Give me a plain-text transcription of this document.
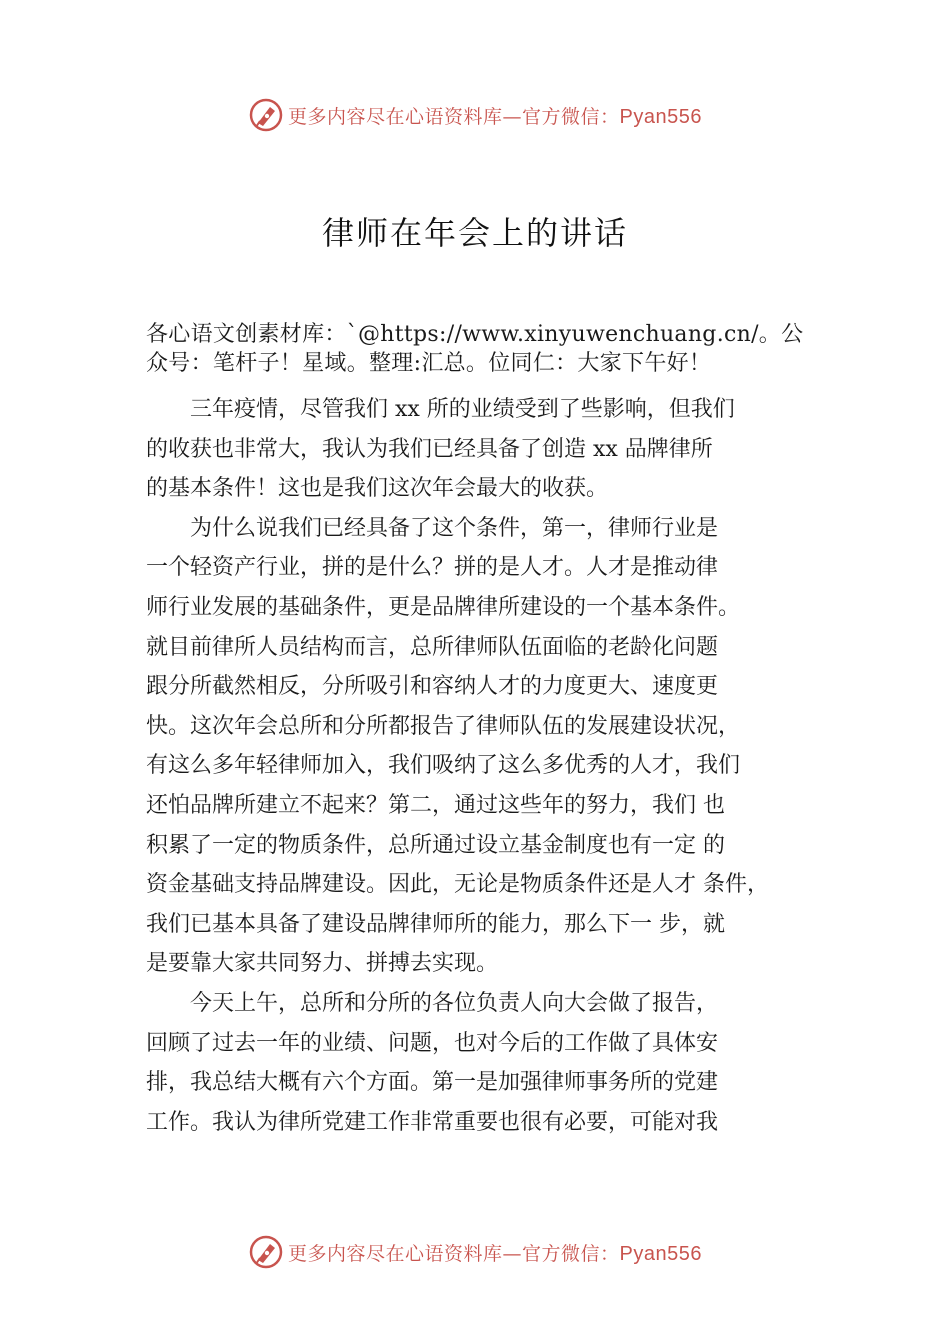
更多内容尽在心语资料库—官方微信：Pyan556
律师在年会上的讲话
各心语文创素材库：`@https://www.xinyuwenchuang.cn/。公
众号：笔杆子！星域。整理:汇总。位同仁：大家下午好！
三年疫情，尽管我们 xx 所的业绩受到了些影响，但我们
的收获也非常大，我认为我们已经具备了创造 xx 品牌律所
的基本条件！这也是我们这次年会最大的收获。
为什么说我们已经具备了这个条件，第一，律师行业是
一个轻资产行业，拼的是什么？拼的是人才。人才是推动律
师行业发展的基础条件，更是品牌律所建设的一个基本条件。
就目前律所人员结构而言，总所律师队伍面临的老龄化问题
跟分所截然相反，分所吸引和容纳人才的力度更大、速度更
快。这次年会总所和分所都报告了律师队伍的发展建设状况，
有这么多年轻律师加入，我们吸纳了这么多优秀的人才，我们
还怕品牌所建立不起来？第二，通过这些年的努力，我们 也
积累了一定的物质条件，总所通过设立基金制度也有一定 的
资金基础支持品牌建设。因此，无论是物质条件还是人才 条件，
我们已基本具备了建设品牌律师所的能力，那么下一 步，就
是要靠大家共同努力、拼搏去实现。
今天上午，总所和分所的各位负责人向大会做了报告，
回顾了过去一年的业绩、问题，也对今后的工作做了具体安
排，我总结大概有六个方面。第一是加强律师事务所的党建
工作。我认为律所党建工作非常重要也很有必要，可能对我
更多内容尽在心语资料库—官方微信：Pyan556
